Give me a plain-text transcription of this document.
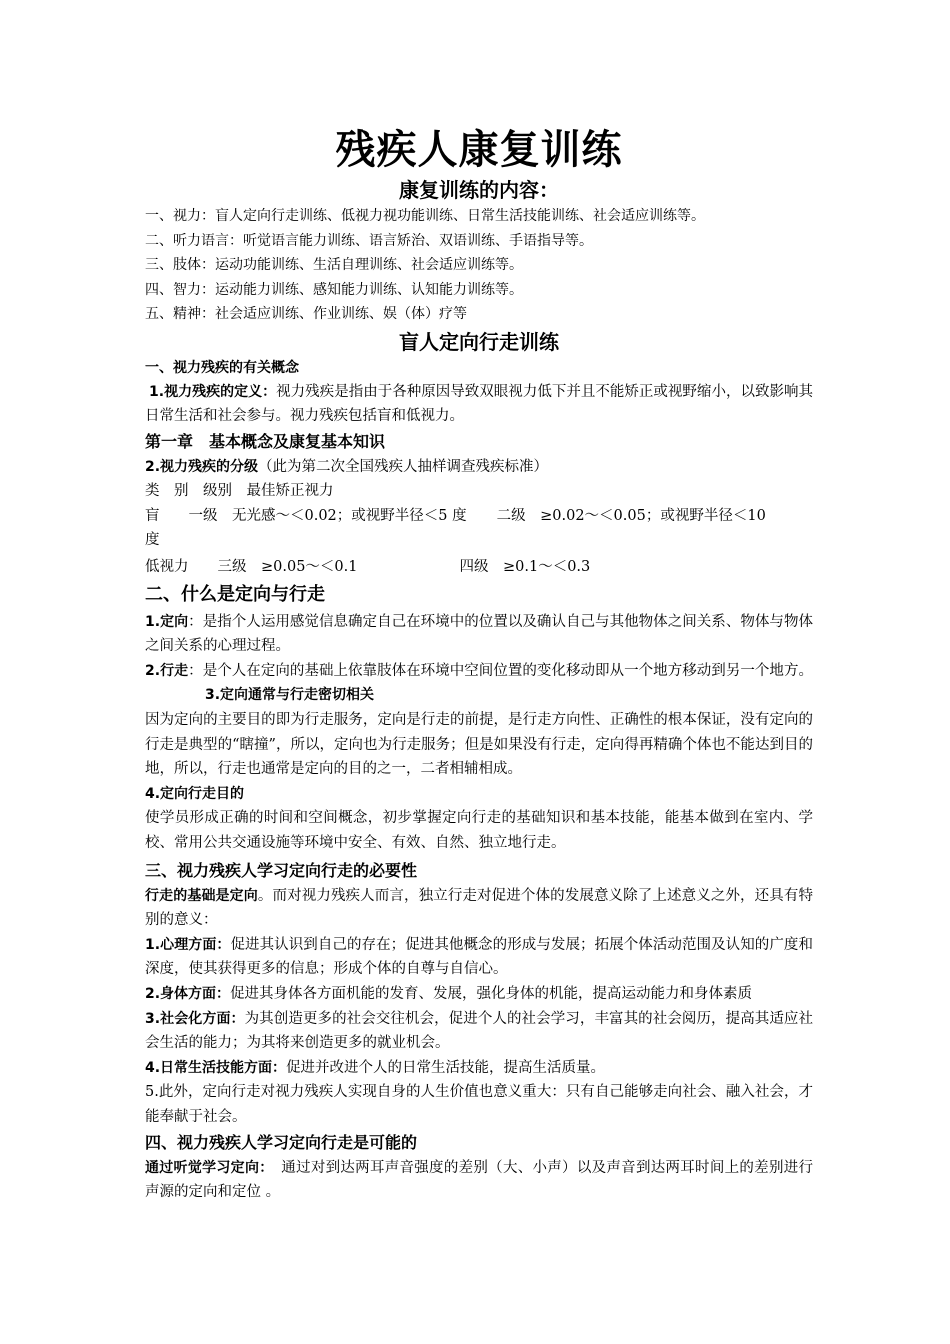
残疾人康复训练
康复训练的内容：

一、视力：盲人定向行走训练、低视力视功能训练、日常生活技能训练、社会适应训练等。

二、听力语言：听觉语言能力训练、语言矫治、双语训练、手语指导等。

三、肢体：运动功能训练、生活自理训练、社会适应训练等。

四、智力：运动能力训练、感知能力训练、认知能力训练等。

五、精神：社会适应训练、作业训练、娱（体）疗等

盲人定向行走训练

一、视力残疾的有关概念

1.视力残疾的定义：视力残疾是指由于各种原因导致双眼视力低下并且不能矫正或视野缩小，以致影响其日常生活和社会参与。视力残疾包括盲和低视力。

第一章　基本概念及康复基本知识

2.视力残疾的分级（此为第二次全国残疾人抽样调查残疾标准）

类　别　级别　最佳矫正视力

盲　　一级　无光感～＜0.02；或视野半径＜5 度 二级　≥0.02～＜0.05；或视野半径＜10
度

低视力　　三级　≥0.05～＜0.1	四级　≥0.1～＜0.3

二、什么是定向与行走

1.定向：是指个人运用感觉信息确定自己在环境中的位置以及确认自己与其他物体之间关系、物体与物体之间关系的心理过程。

2.行走：是个人在定向的基础上依靠肢体在环境中空间位置的变化移动即从一个地方移动到另一个地方。3.定向通常与行走密切相关

因为定向的主要目的即为行走服务，定向是行走的前提，是行走方向性、正确性的根本保证，没有定向的行走是典型的“瞎撞”，所以，定向也为行走服务；但是如果没有行走，定向得再精确个体也不能达到目的地，所以，行走也通常是定向的目的之一，二者相辅相成。

4.定向行走目的

使学员形成正确的时间和空间概念，初步掌握定向行走的基础知识和基本技能，能基本做到在室内、学校、常用公共交通设施等环境中安全、有效、自然、独立地行走。

三、视力残疾人学习定向行走的必要性

行走的基础是定向。而对视力残疾人而言，独立行走对促进个体的发展意义除了上述意义之外，还具有特别的意义：

1.心理方面：促进其认识到自己的存在；促进其他概念的形成与发展；拓展个体活动范围及认知的广度和深度，使其获得更多的信息；形成个体的自尊与自信心。

2.身体方面：促进其身体各方面机能的发育、发展，强化身体的机能，提高运动能力和身体素质

3.社会化方面：为其创造更多的社会交往机会，促进个人的社会学习，丰富其的社会阅历，提高其适应社会生活的能力；为其将来创造更多的就业机会。

4.日常生活技能方面：促进并改进个人的日常生活技能，提高生活质量。

5.此外，定向行走对视力残疾人实现自身的人生价值也意义重大：只有自己能够走向社会、融入社会，才能奉献于社会。

四、视力残疾人学习定向行走是可能的

通过听觉学习定向：　通过对到达两耳声音强度的差别（大、小声）以及声音到达两耳时间上的差别进行声源的定向和定位 。
